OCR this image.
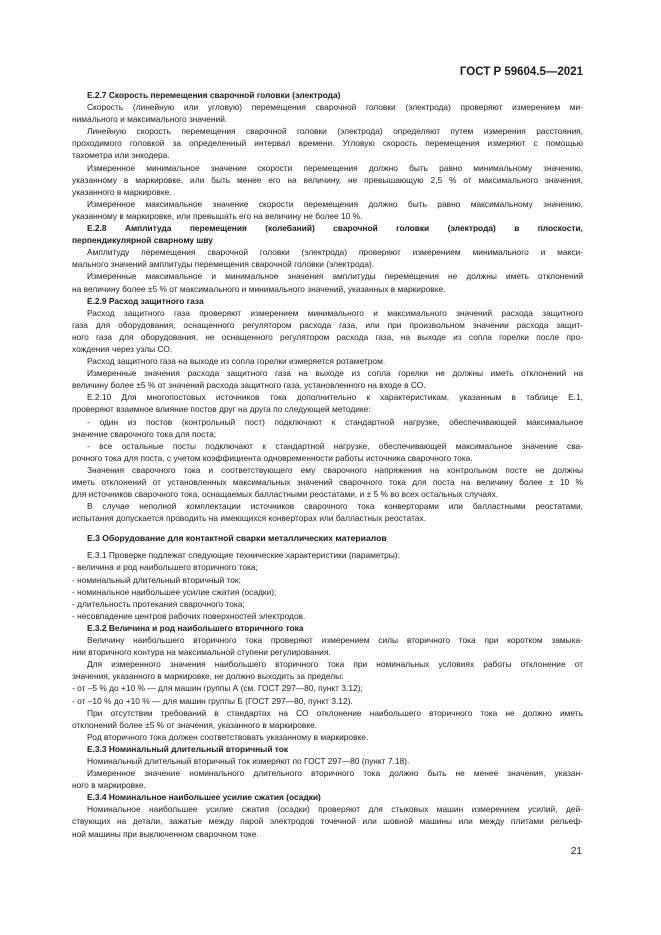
ГОСТ Р 59604.5—2021
Е.2.7 Скорость перемещения сварочной головки (электрода)
Скорость (линейную или угловую) перемещения сварочной головки (электрода) проверяют измерением ми-
нимального и максимального значений.
Линейную скорость перемещения сварочной головки (электрода) определяют путем измерения расстояния,
проходимого головкой за определенный интервал времени. Угловую скорость перемещения измеряют с помощью
тахометра или энкодера.
Измеренное минимальное значение скорости перемещения должно быть равно минимальному значению,
указанному в маркировке, или быть менее его на величину, не превышающую 2,5 % от максимального значения,
указанного в маркировке.
Измеренное максимальное значение скорости перемещения должно быть равно максимальному значению,
указанному в маркировке, или превышать его на величину не более 10 %.
Е.2.8 Амплитуда перемещения (колебаний) сварочной головки (электрода) в плоскости,
перпендикулярной сварному шву
Амплитуду перемещения сварочной головки (электрода) проверяют измерением минимального и макси-
мального значений амплитуды перемещения сварочной головки (электрода).
Измеренные максимальное и минимальное значения амплитуды перемещения не должны иметь отклонений
на величину более ±5 % от максимального и минимального значений, указанных в маркировке.
Е.2.9 Расход защитного газа
Расход защитного газа проверяют измерением минимального и максимального значений расхода защитного
газа для оборудования, оснащенного регулятором расхода газа, или при произвольном значении расхода защит-
ного газа для оборудования, не оснащенного регулятором расхода газа, на выходе из сопла горелки после про-
хождения через узлы СО.
Расход защитного газа на выходе из сопла горелки измеряется ротаметром.
Измеренные значения расхода защитного газа на выходе из сопла горелки не должны иметь отклонений на
величину более ±5 % от значений расхода защитного газа, установленного на входе в СО.
Е.2.10 Для многопостовых источников тока дополнительно к характеристикам, указанным в таблице Е.1,
проверяют взаимное влияние постов друг на друга по следующей методике:
- один из постов (контрольный пост) подключают к стандартной нагрузке, обеспечивающей максимальное
значение сварочного тока для поста;
- все остальные посты подключают к стандартной нагрузке, обеспечивающей максимальное значение сва-
рочного тока для поста, с учетом коэффициента одновременности работы источника сварочного тока.
Значения сварочного тока и соответствующего ему сварочного напряжения на контрольном посте не должны
иметь отклонений от установленных максимальных значений сварочного тока для поста на величину более ± 10 %
для источников сварочного тока, оснащаемых балластными реостатами, и ± 5 % во всех остальных случаях.
В случае неполной комплектации источников сварочного тока конверторами или балластными реостатами,
испытания допускается проводить на имеющихся конверторах или балластных реостатах.
Е.3 Оборудование для контактной сварки металлических материалов
Е.3.1 Проверке подлежат следующие технические характеристики (параметры):
- величина и род наибольшего вторичного тока;
- номинальный длительный вторичный ток;
- номинальное наибольшее усилие сжатия (осадки);
- длительность протекания сварочного тока;
- несовпадение центров рабочих поверхностей электродов.
Е.3.2 Величина и род наибольшего вторичного тока
Величину наибольшего вторичного тока проверяют измерением силы вторичного тока при коротком замыка-
нии вторичного контура на максимальной ступени регулирования.
Для измеренного значения наибольшего вторичного тока при номинальных условиях работы отклонение от
значения, указанного в маркировке, не должно выходить за пределы:
- от –5 % до +10 % — для машин группы А (см. ГОСТ 297—80, пункт 3.12);
- от –10 % до +10 % — для машин группы Б (ГОСТ 297—80, пункт 3.12).
При отсутствии требований в стандартах на СО отклонение наибольшего вторичного тока не должно иметь
отклонений более ±5 % от значения, указанного в маркировке.
Род вторичного тока должен соответствовать указанному в маркировке.
Е.3.3 Номинальный длительный вторичный ток
Номинальный длительный вторичный ток измеряют по ГОСТ 297—80 (пункт 7.18).
Измеренное значение номинального длительного вторичного тока должно быть не менее значения, указан-
ного в маркировке.
Е.3.4 Номинальное наибольшее усилие сжатия (осадки)
Номинальное наибольшее усилие сжатия (осадки) проверяют для стыковых машин измерением усилий, дей-
ствующих на детали, зажатые между парой электродов точечной или шовной машины или между плитами рельеф-
ной машины при выключенном сварочном токе.
21
